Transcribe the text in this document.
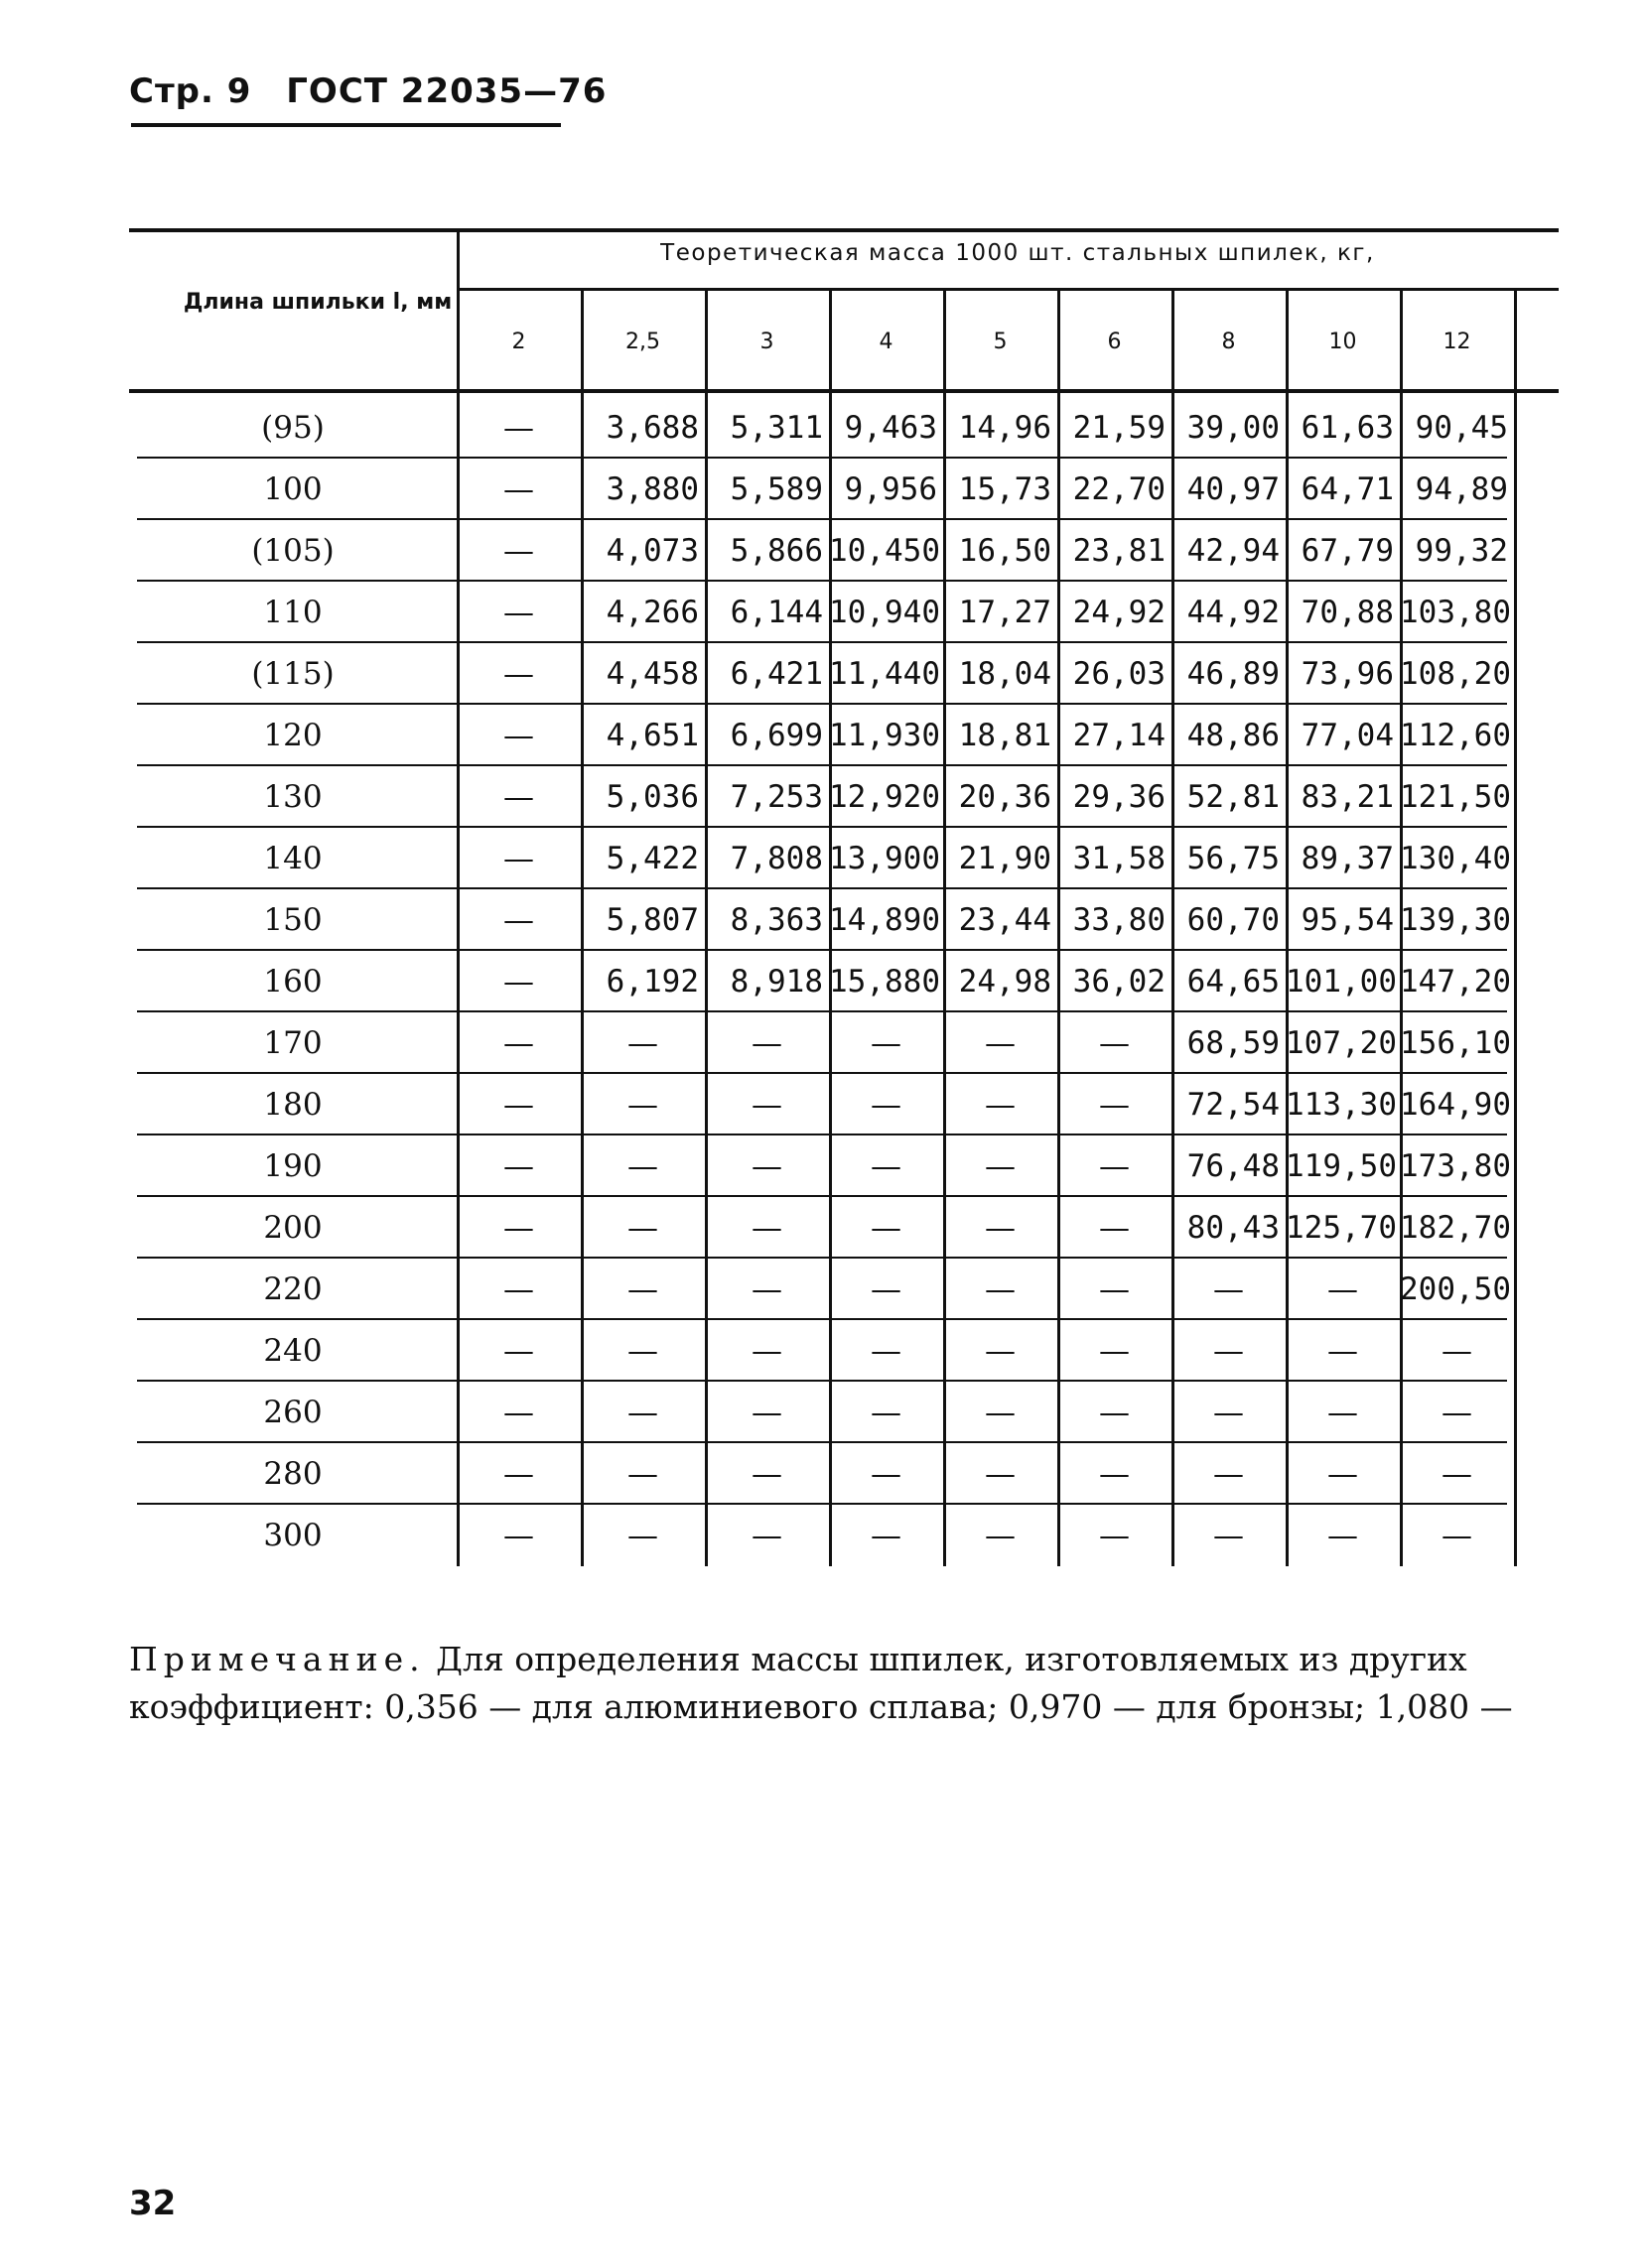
Стр. 9 ГОСТ 22035—76
Длина шпильки l, мм
Теоретическая масса 1000 шт. стальных шпилек, кг,
2	2,5	3	4	5	6	8	10	12
(95)	—	3,688	5,311 9,463 14,96 21,59 39,00 61,63 90,45
100	—	3,880	5,589 9,956 15,73 22,70 40,97 64,71 94,89
(105)	—	4,073	5,866 10,450 16,50 23,81 42,94 67,79 99,32
110	—	4,266	6,144 10,940 17,27 24,92 44,92 70,88 103,80
(115)	—	4,458	6,421 11,440 18,04 26,03 46,89 73,96 108,20
120	—	4,651	6,699 11,930 18,81 27,14 48,86 77,04 112,60
130	—	5,036	7,253 12,920 20,36 29,36 52,81 83,21 121,50
140	—	5,422	7,808 13,900 21,90 31,58 56,75 89,37 130,40
150	—	5,807	8,363 14,890 23,44 33,80 60,70 95,54 139,30
160	—	6,192	8,918 15,880 24,98 36,02 64,65 101,00 147,20
170	—	—	—	—	—	—	68,59 107,20 156,10
180	—	—	—	—	—	—	72,54 113,30 164,90
190	—	—	—	—	—	—	76,48 119,50 173,80
200	—	—	—	—	—	—	80,43 125,70 182,70
220	—	—	—	—	—	—	—	—	200,50
240	—	—	—	—	—	—	—	—	—
260	—	—	—	—	—	—	—	—	—
280	—	—	—	—	—	—	—	—	—
300	—	—	—	—	—	—	—	—	—
Примечание. Для определения массы шпилек, изготовляемых из других
коэффициент: 0,356 — для алюминиевого сплава; 0,970 — для бронзы; 1,080 —
32
